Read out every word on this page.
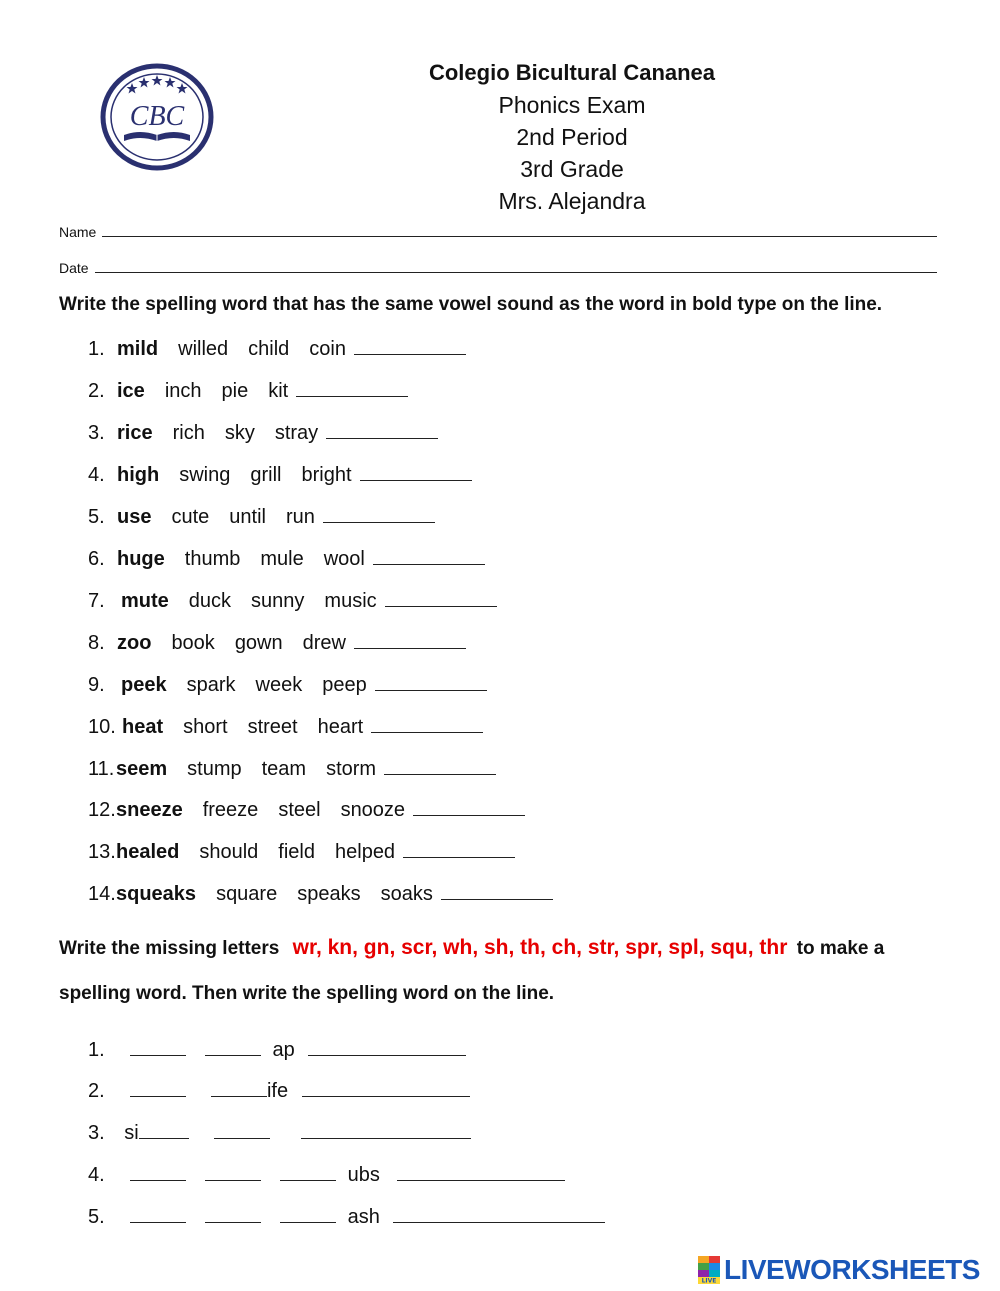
CBC
Colegio Bicultural Cananea
Phonics Exam
2nd Period
3rd Grade
Mrs. Alejandra
Name
Date
Write the spelling word that has the same vowel sound as the word in bold type on the line.
1. mild willed child coin
2. ice inch pie kit
3. rice rich sky stray
4. high swing grill bright
5. use cute until run
6. huge thumb mule wool
7. mute duck sunny music
8. zoo book gown drew
9. peek spark week peep
10. heat short street heart
11.seem stump team storm
12.sneeze freeze steel snooze
13.healed should field helped
14.squeaks square speaks soaks
Write the missing letters wr, kn, gn, scr, wh, sh, th, ch, str, spr, spl, squ, thr to make a
spelling word. Then write the spelling word on the line.
1.	ap
2.	ife
3. si
4.	ubs
5.	ash
LIVE LIVEWORKSHEETS
